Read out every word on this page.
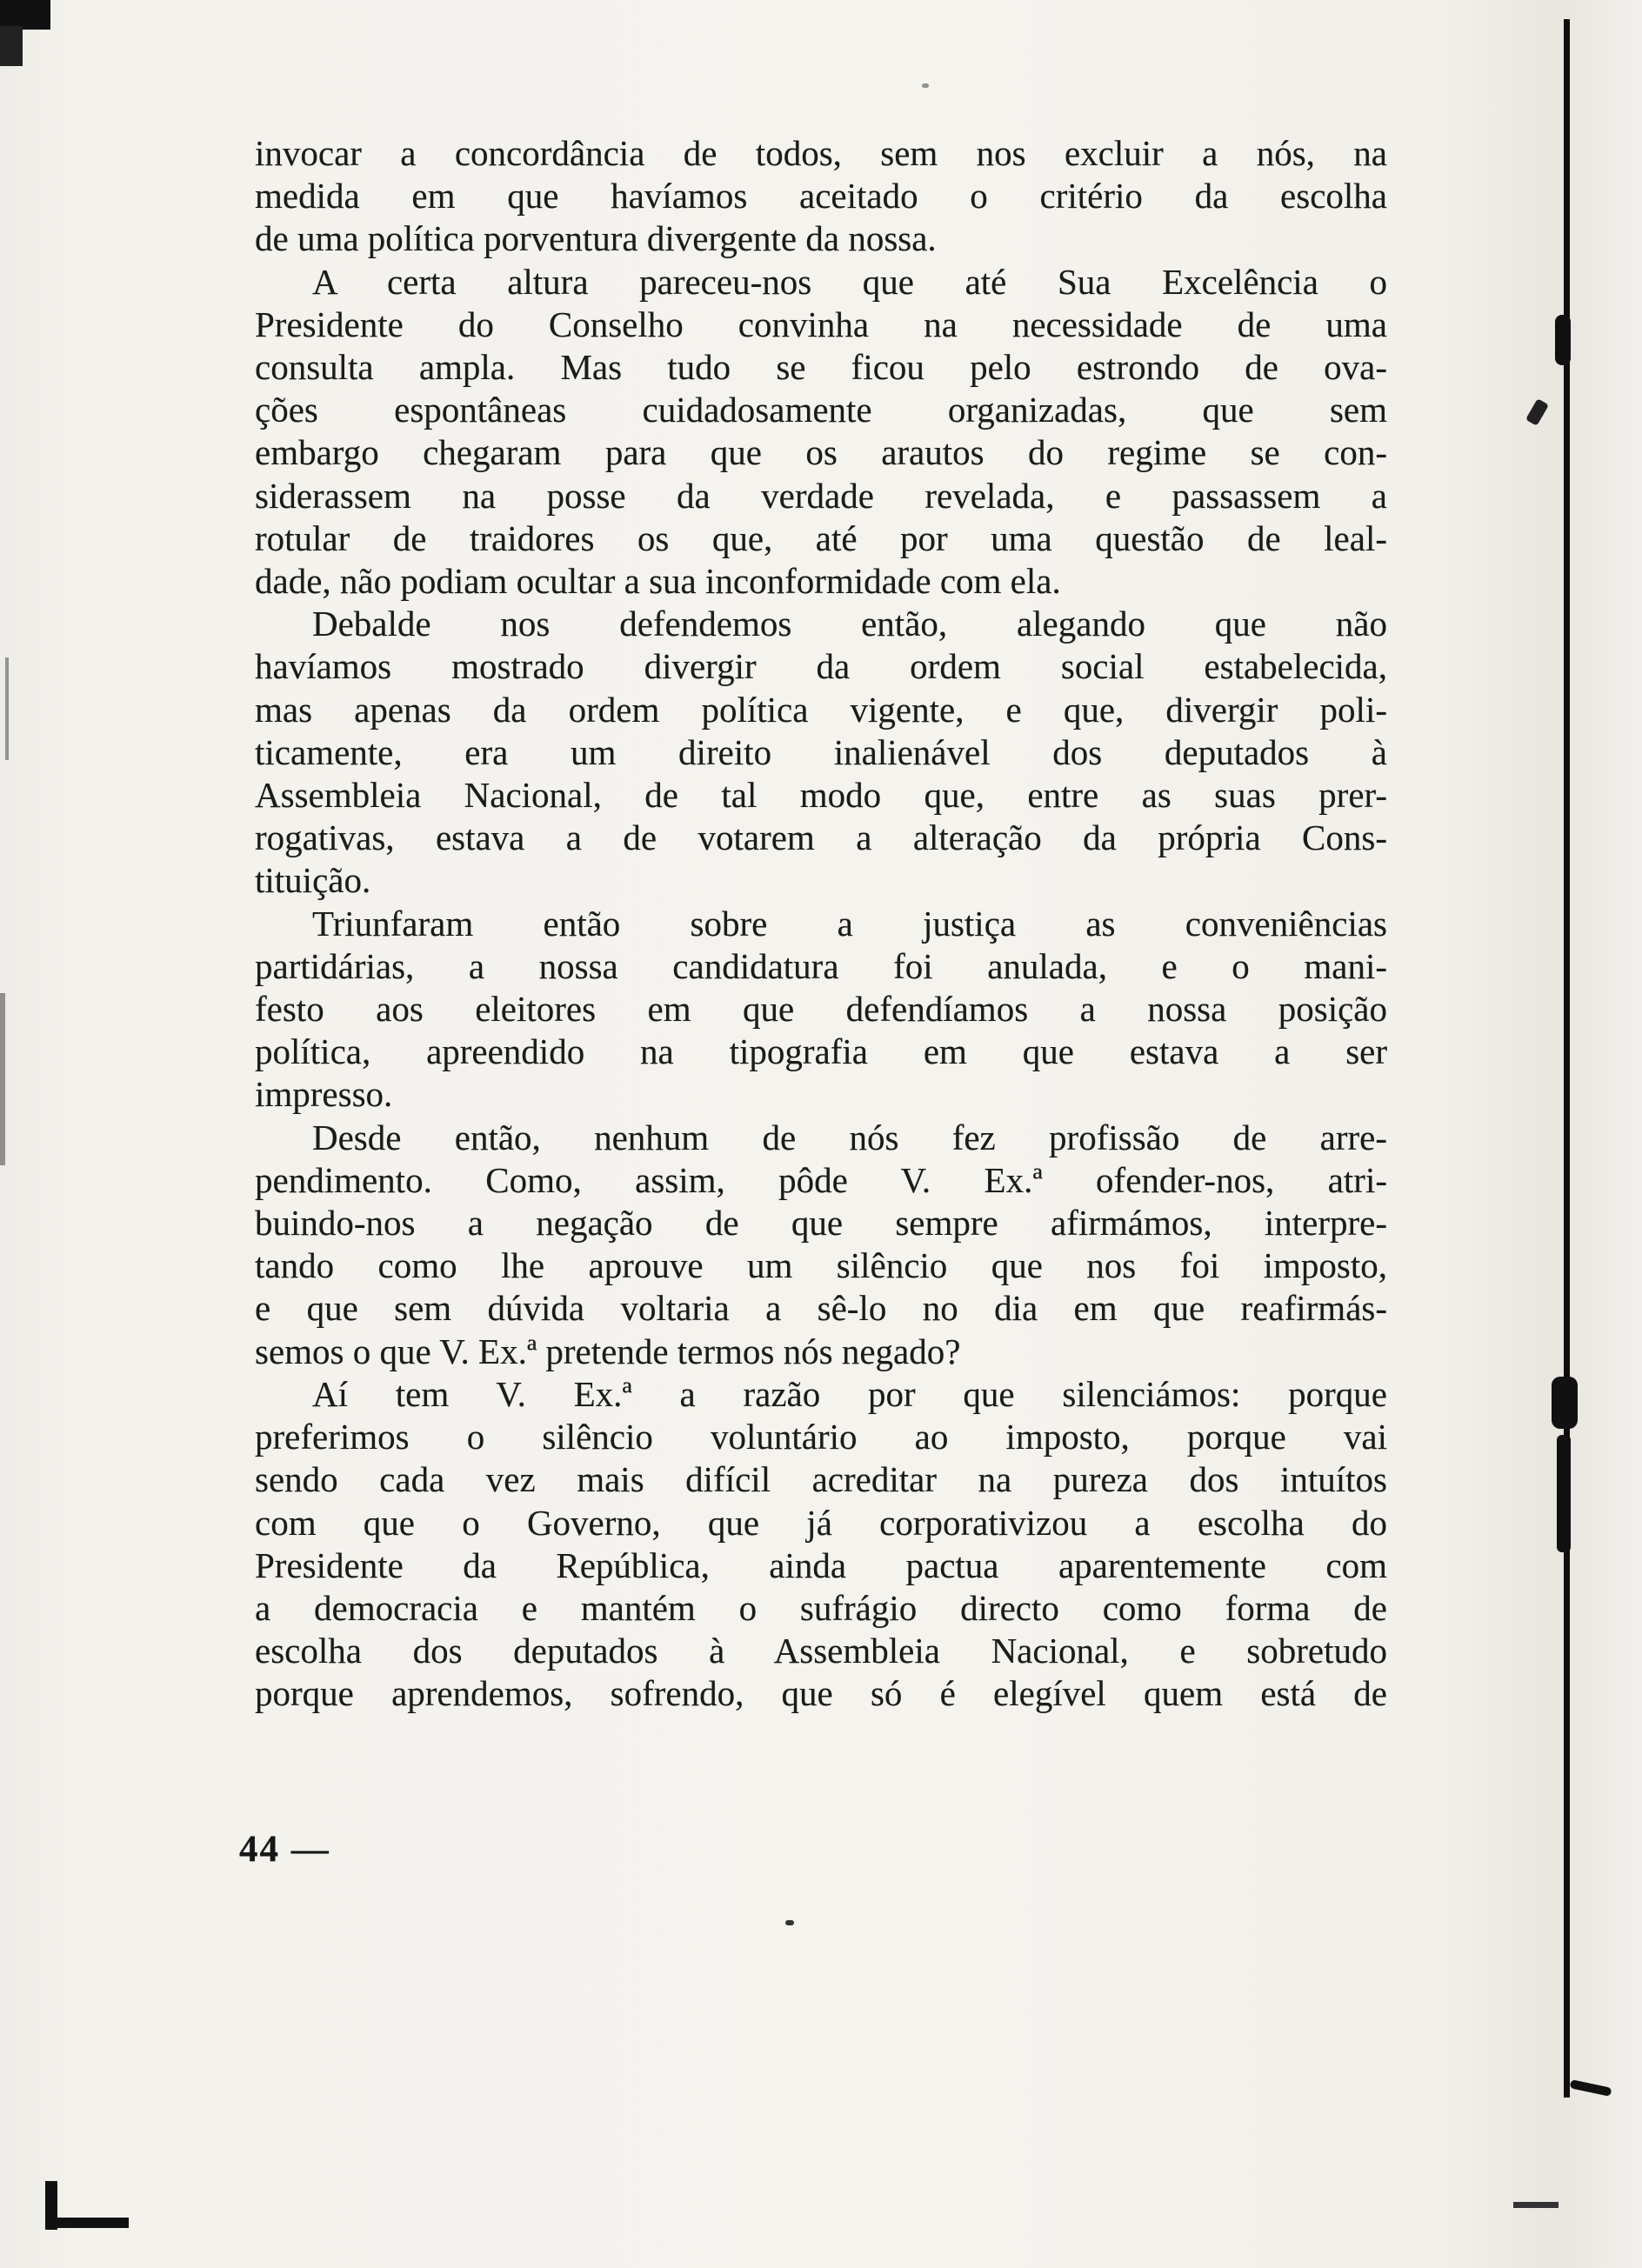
invocar a concordância de todos, sem nos excluir a nós, na
medida em que havíamos aceitado o critério da escolha
de uma política porventura divergente da nossa.
A certa altura pareceu-nos que até Sua Excelência o
Presidente do Conselho convinha na necessidade de uma
consulta ampla. Mas tudo se ficou pelo estrondo de ova-
ções espontâneas cuidadosamente organizadas, que sem
embargo chegaram para que os arautos do regime se con-
siderassem na posse da verdade revelada, e passassem a
rotular de traidores os que, até por uma questão de leal-
dade, não podiam ocultar a sua inconformidade com ela.
Debalde nos defendemos então, alegando que não
havíamos mostrado divergir da ordem social estabelecida,
mas apenas da ordem política vigente, e que, divergir poli-
ticamente, era um direito inalienável dos deputados à
Assembleia Nacional, de tal modo que, entre as suas prer-
rogativas, estava a de votarem a alteração da própria Cons-
tituição.
Triunfaram então sobre a justiça as conveniências
partidárias, a nossa candidatura foi anulada, e o mani-
festo aos eleitores em que defendíamos a nossa posição
política, apreendido na tipografia em que estava a ser
impresso.
Desde então, nenhum de nós fez profissão de arre-
pendimento. Como, assim, pôde V. Ex.ª ofender-nos, atri-
buindo-nos a negação de que sempre afirmámos, interpre-
tando como lhe aprouve um silêncio que nos foi imposto,
e que sem dúvida voltaria a sê-lo no dia em que reafirmás-
semos o que V. Ex.ª pretende termos nós negado?
Aí tem V. Ex.ª a razão por que silenciámos: porque
preferimos o silêncio voluntário ao imposto, porque vai
sendo cada vez mais difícil acreditar na pureza dos intuítos
com que o Governo, que já corporativizou a escolha do
Presidente da República, ainda pactua aparentemente com
a democracia e mantém o sufrágio directo como forma de
escolha dos deputados à Assembleia Nacional, e sobretudo
porque aprendemos, sofrendo, que só é elegível quem está de
44 —
